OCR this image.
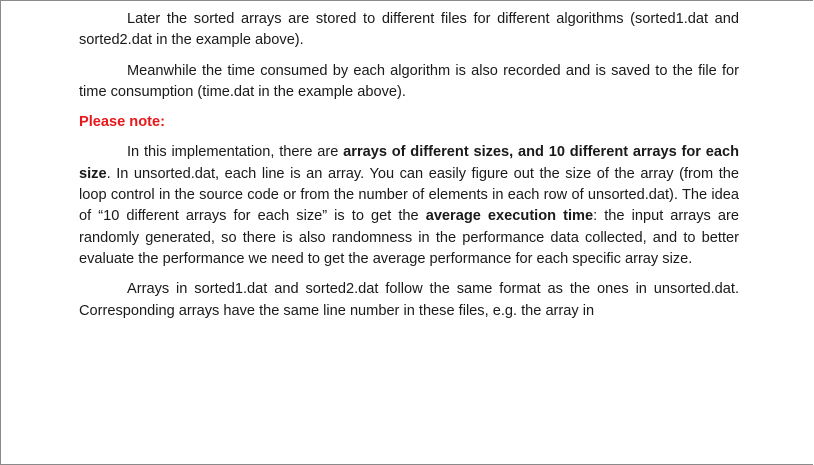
Later the sorted arrays are stored to different files for different algorithms (sorted1.dat and sorted2.dat in the example above).

Meanwhile the time consumed by each algorithm is also recorded and is saved to the file for time consumption (time.dat in the example above).

Please note:

In this implementation, there are arrays of different sizes, and 10 different arrays for each size. In unsorted.dat, each line is an array. You can easily figure out the size of the array (from the loop control in the source code or from the number of elements in each row of unsorted.dat). The idea of “10 different arrays for each size” is to get the average execution time: the input arrays are randomly generated, so there is also randomness in the performance data collected, and to better evaluate the performance we need to get the average performance for each specific array size.

Arrays in sorted1.dat and sorted2.dat follow the same format as the ones in unsorted.dat. Corresponding arrays have the same line number in these files, e.g. the array in
